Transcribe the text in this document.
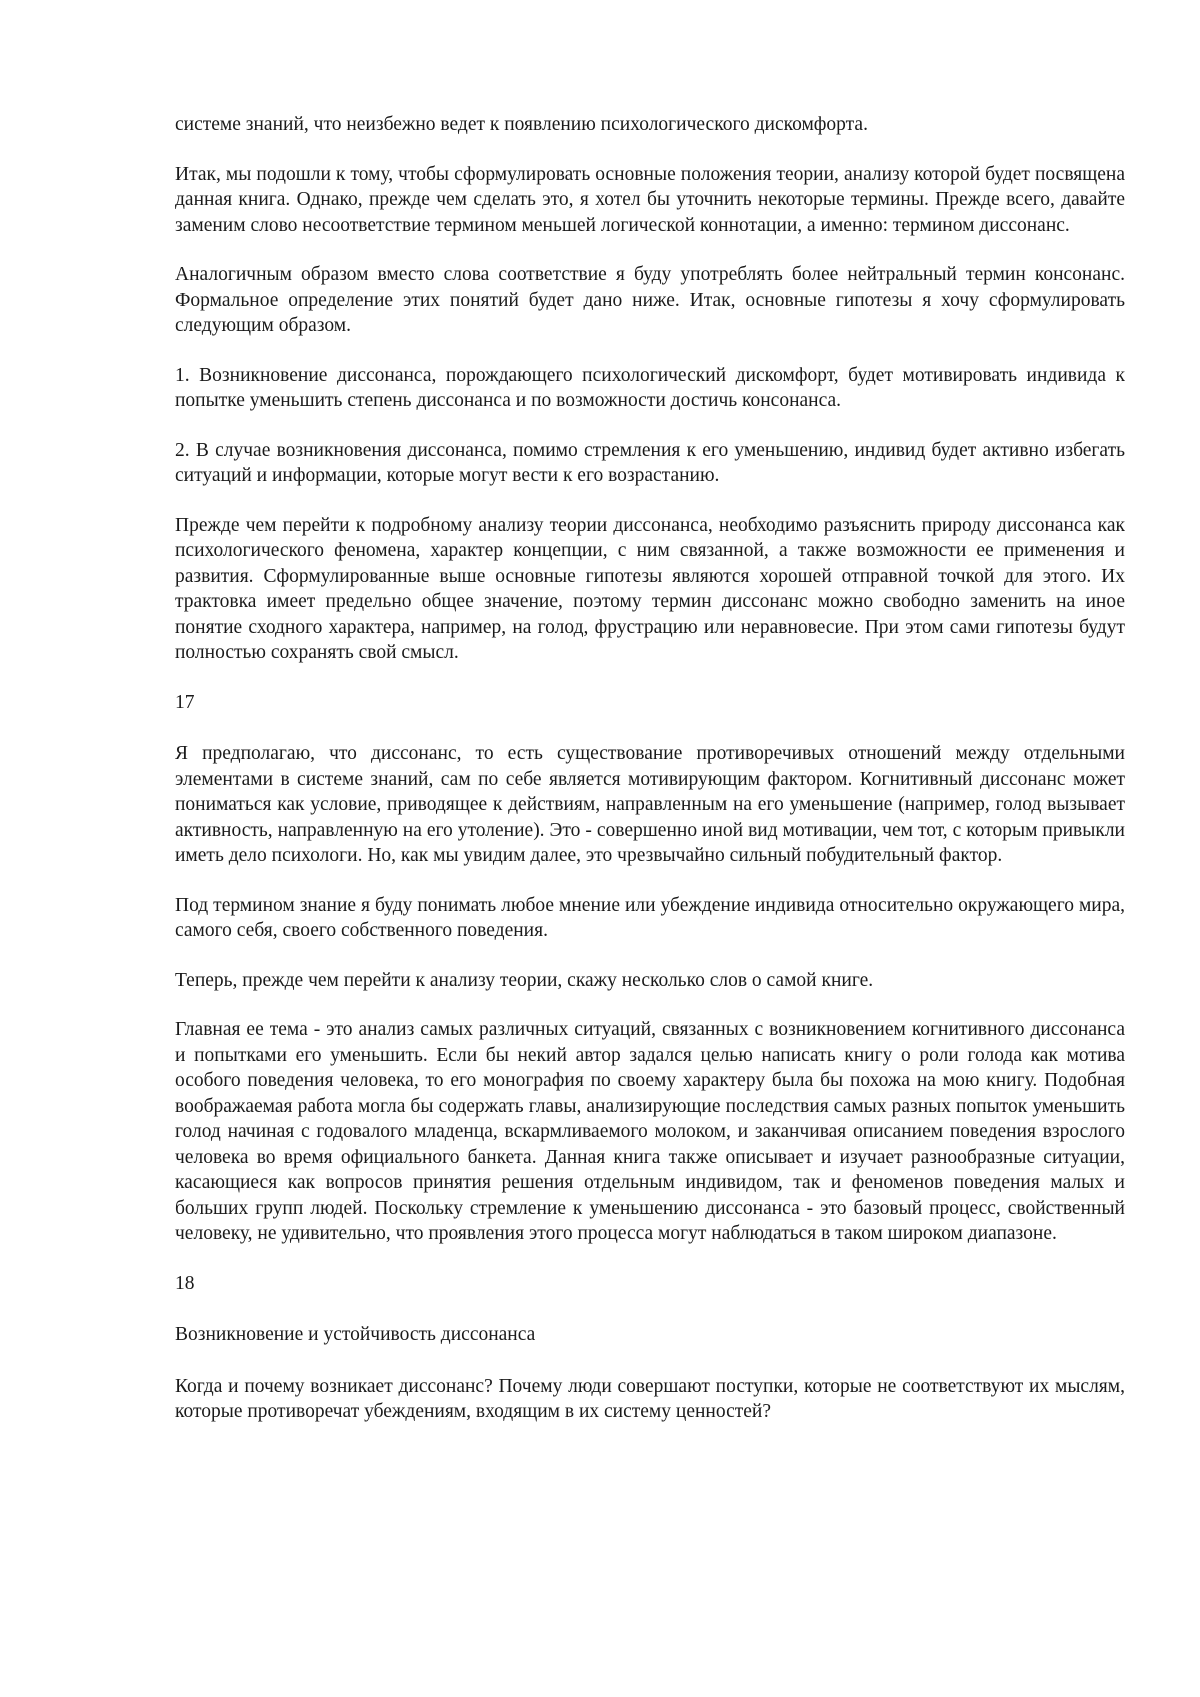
системе знаний, что неизбежно ведет к появлению психологического дискомфорта.

Итак, мы подошли к тому, чтобы сформулировать основные положения теории, анализу которой будет посвящена данная книга. Однако, прежде чем сделать это, я хотел бы уточнить некоторые термины. Прежде всего, давайте заменим слово несоответствие термином меньшей логической коннотации, а именно: термином диссонанс.

Аналогичным образом вместо слова соответствие я буду употреблять более нейтральный термин консонанс. Формальное определение этих понятий будет дано ниже. Итак, основные гипотезы я хочу сформулировать следующим образом.

1. Возникновение диссонанса, порождающего психологический дискомфорт, будет мотивировать индивида к попытке уменьшить степень диссонанса и по возможности достичь консонанса.

2. В случае возникновения диссонанса, помимо стремления к его уменьшению, индивид будет активно избегать ситуаций и информации, которые могут вести к его возрастанию.

Прежде чем перейти к подробному анализу теории диссонанса, необходимо разъяснить природу диссонанса как психологического феномена, характер концепции, с ним связанной, а также возможности ее применения и развития. Сформулированные выше основные гипотезы являются хорошей отправной точкой для этого. Их трактовка имеет предельно общее значение, поэтому термин диссонанс можно свободно заменить на иное понятие сходного характера, например, на голод, фрустрацию или неравновесие. При этом сами гипотезы будут полностью сохранять свой смысл.

17

Я предполагаю, что диссонанс, то есть существование противоречивых отношений между отдельными элементами в системе знаний, сам по себе является мотивирующим фактором. Когнитивный диссонанс может пониматься как условие, приводящее к действиям, направленным на его уменьшение (например, голод вызывает активность, направленную на его утоление). Это - совершенно иной вид мотивации, чем тот, с которым привыкли иметь дело психологи. Но, как мы увидим далее, это чрезвычайно сильный побудительный фактор.

Под термином знание я буду понимать любое мнение или убеждение индивида относительно окружающего мира, самого себя, своего собственного поведения.

Теперь, прежде чем перейти к анализу теории, скажу несколько слов о самой книге.

Главная ее тема - это анализ самых различных ситуаций, связанных с возникновением когнитивного диссонанса и попытками его уменьшить. Если бы некий автор задался целью написать книгу о роли голода как мотива особого поведения человека, то его монография по своему характеру была бы похожа на мою книгу. Подобная воображаемая работа могла бы содержать главы, анализирующие последствия самых разных попыток уменьшить голод начиная с годовалого младенца, вскармливаемого молоком, и заканчивая описанием поведения взрослого человека во время официального банкета. Данная книга также описывает и изучает разнообразные ситуации, касающиеся как вопросов принятия решения отдельным индивидом, так и феноменов поведения малых и больших групп людей. Поскольку стремление к уменьшению диссонанса - это базовый процесс, свойственный человеку, не удивительно, что проявления этого процесса могут наблюдаться в таком широком диапазоне.

18

Возникновение и устойчивость диссонанса

Когда и почему возникает диссонанс? Почему люди совершают поступки, которые не соответствуют их мыслям, которые противоречат убеждениям, входящим в их систему ценностей?
